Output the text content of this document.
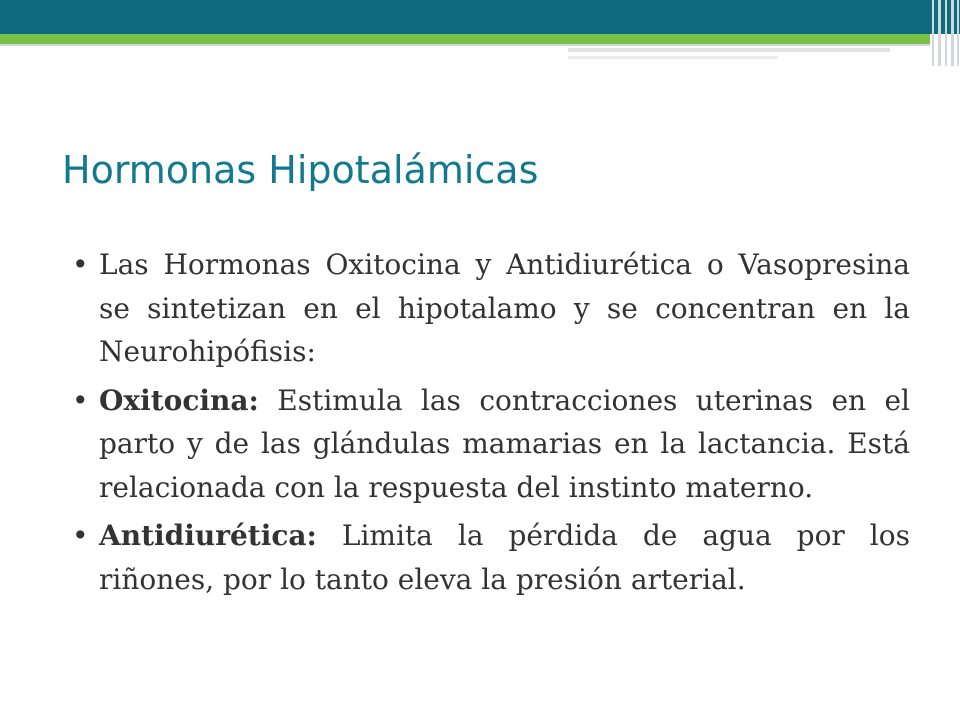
Hormonas Hipotalámicas

• Las Hormonas Oxitocina y Antidiurética o Vasopresina se sintetizan en el hipotalamo y se concentran en la Neurohipófisis:

• Oxitocina: Estimula las contracciones uterinas en el parto y de las glándulas mamarias en la lactancia. Está relacionada con la respuesta del instinto materno.

• Antidiurética: Limita la pérdida de agua por los riñones, por lo tanto eleva la presión arterial.
